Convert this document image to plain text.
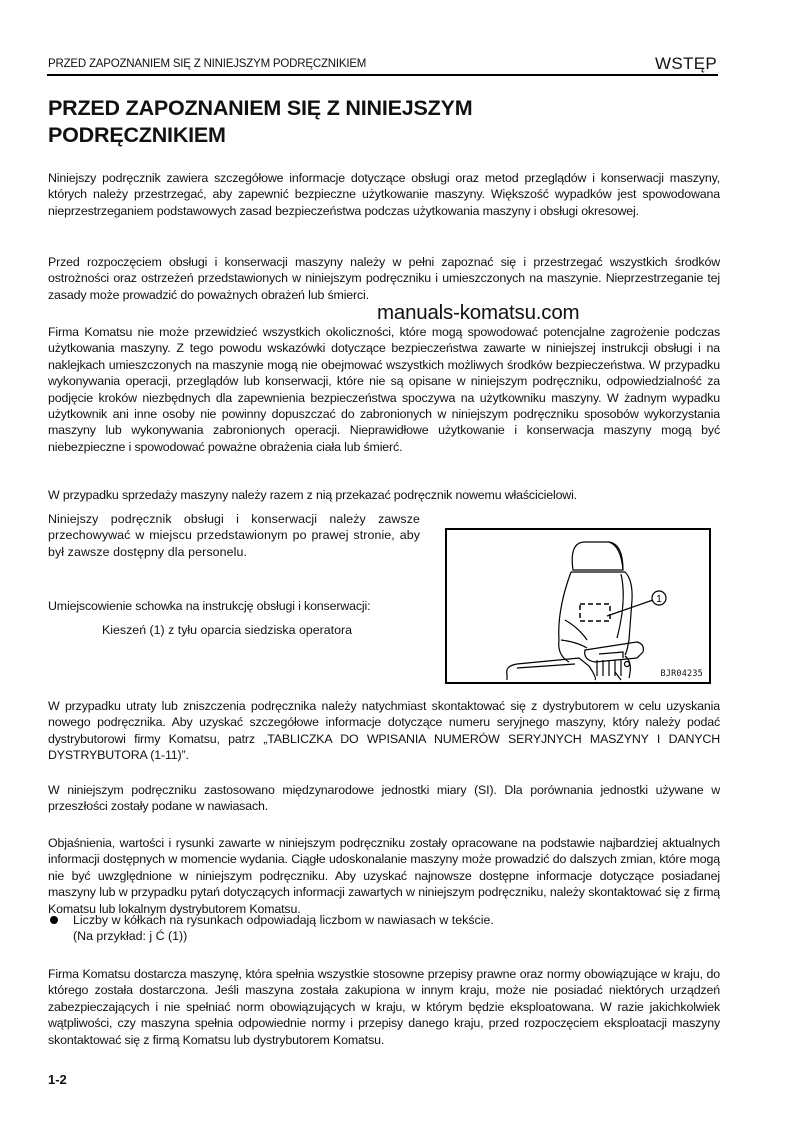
PRZED ZAPOZNANIEM SIĘ Z NINIEJSZYM PODRĘCZNIKIEM	WSTĘP
PRZED ZAPOZNANIEM SIĘ Z NINIEJSZYM
PODRĘCZNIKIEM

Niniejszy podręcznik zawiera szczegółowe informacje dotyczące obsługi oraz metod przeglądów i konserwacji maszyny, których należy przestrzegać, aby zapewnić bezpieczne użytkowanie maszyny. Większość wypadków jest spowodowana nieprzestrzeganiem podstawowych zasad bezpieczeństwa podczas użytkowania maszyny i obsługi okresowej.

Przed rozpoczęciem obsługi i konserwacji maszyny należy w pełni zapoznać się i przestrzegać wszystkich środków ostrożności oraz ostrzeżeń przedstawionych w niniejszym podręczniku i umieszczonych na maszynie. Nieprzestrzeganie tej zasady może prowadzić do poważnych obrażeń lub śmierci.

manuals-komatsu.com

Firma Komatsu nie może przewidzieć wszystkich okoliczności, które mogą spowodować potencjalne zagrożenie podczas użytkowania maszyny. Z tego powodu wskazówki dotyczące bezpieczeństwa zawarte w niniejszej instrukcji obsługi i na naklejkach umieszczonych na maszynie mogą nie obejmować wszystkich możliwych środków bezpieczeństwa. W przypadku wykonywania operacji, przeglądów lub konserwacji, które nie są opisane w niniejszym podręczniku, odpowiedzialność za podjęcie kroków niezbędnych dla zapewnienia bezpieczeństwa spoczywa na użytkowniku maszyny. W żadnym wypadku użytkownik ani inne osoby nie powinny dopuszczać do zabronionych w niniejszym podręczniku sposobów wykorzystania maszyny lub wykonywania zabronionych operacji. Nieprawidłowe użytkowanie i konserwacja maszyny mogą być niebezpieczne i spowodować poważne obrażenia ciała lub śmierć.

W przypadku sprzedaży maszyny należy razem z nią przekazać podręcznik nowemu właścicielowi.

Niniejszy podręcznik obsługi i konserwacji należy zawsze przechowywać w miejscu przedstawionym po prawej stronie, aby był zawsze dostępny dla personelu.

Umiejscowienie schowka na instrukcję obsługi i konserwacji:

Kieszeń (1) z tyłu oparcia siedziska operatora
1
BJR04235

W przypadku utraty lub zniszczenia podręcznika należy natychmiast skontaktować się z dystrybutorem w celu uzyskania nowego podręcznika. Aby uzyskać szczegółowe informacje dotyczące numeru seryjnego maszyny, który należy podać dystrybutorowi firmy Komatsu, patrz „TABLICZKA DO WPISANIA NUMERÓW SERYJNYCH MASZYNY I DANYCH DYSTRYBUTORA (1-11)”.

W niniejszym podręczniku zastosowano międzynarodowe jednostki miary (SI). Dla porównania jednostki używane w przeszłości zostały podane w nawiasach.

Objaśnienia, wartości i rysunki zawarte w niniejszym podręczniku zostały opracowane na podstawie najbardziej aktualnych informacji dostępnych w momencie wydania. Ciągłe udoskonalanie maszyny może prowadzić do dalszych zmian, które mogą nie być uwzględnione w niniejszym podręczniku. Aby uzyskać najnowsze dostępne informacje dotyczące posiadanej maszyny lub w przypadku pytań dotyczących informacji zawartych w niniejszym podręczniku, należy skontaktować się z firmą Komatsu lub lokalnym dystrybutorem Komatsu.

Liczby w kółkach na rysunkach odpowiadają liczbom w nawiasach w tekście.
(Na przykład: j Ć (1))

Firma Komatsu dostarcza maszynę, która spełnia wszystkie stosowne przepisy prawne oraz normy obowiązujące w kraju, do którego została dostarczona. Jeśli maszyna została zakupiona w innym kraju, może nie posiadać niektórych urządzeń zabezpieczających i nie spełniać norm obowiązujących w kraju, w którym będzie eksploatowana. W razie jakichkolwiek wątpliwości, czy maszyna spełnia odpowiednie normy i przepisy danego kraju, przed rozpoczęciem eksploatacji maszyny skontaktować się z firmą Komatsu lub dystrybutorem Komatsu.

1-2
